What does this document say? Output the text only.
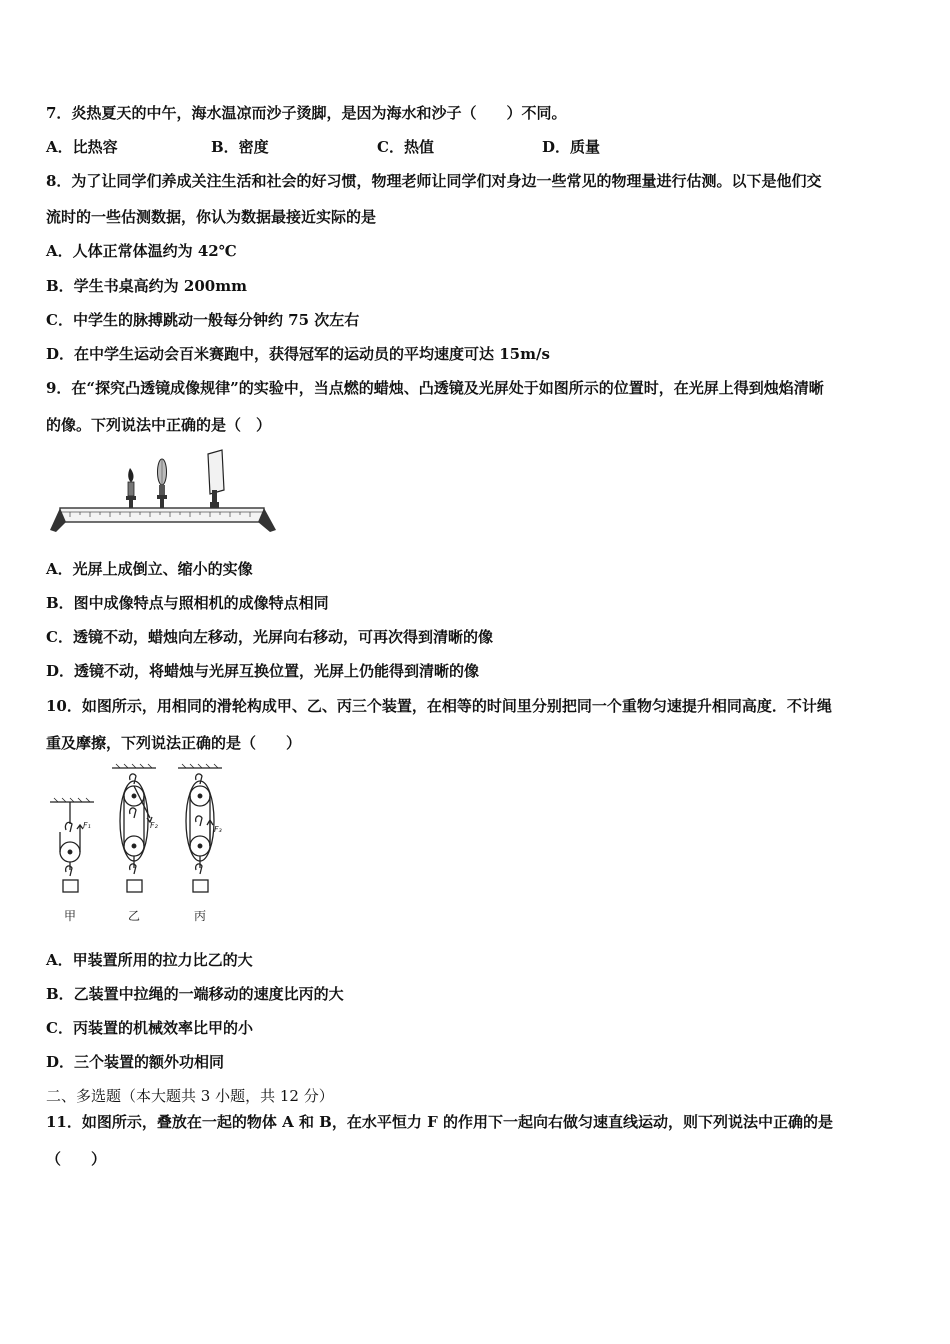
7．炎热夏天的中午，海水温凉而沙子烫脚，是因为海水和沙子（　　）不同。
A．比热容	B．密度	C．热值	D．质量
8．为了让同学们养成关注生活和社会的好习惯，物理老师让同学们对身边一些常见的物理量进行估测。以下是他们交
流时的一些估测数据，你认为数据最接近实际的是
A．人体正常体温约为 42℃
B．学生书桌高约为 200mm
C．中学生的脉搏跳动一般每分钟约 75 次左右
D．在中学生运动会百米赛跑中，获得冠军的运动员的平均速度可达 15m/s
9．在“探究凸透镜成像规律”的实验中，当点燃的蜡烛、凸透镜及光屏处于如图所示的位置时，在光屏上得到烛焰清晰
的像。下列说法中正确的是（　）
A．光屏上成倒立、缩小的实像
B．图中成像特点与照相机的成像特点相同
C．透镜不动，蜡烛向左移动，光屏向右移动，可再次得到清晰的像
D．透镜不动，将蜡烛与光屏互换位置，光屏上仍能得到清晰的像
10．如图所示，用相同的滑轮构成甲、乙、丙三个装置，在相等的时间里分别把同一个重物匀速提升相同高度．不计绳
重及摩擦，下列说法正确的是（　　）
F₁	F₂	F₃
甲	乙	丙
A．甲装置所用的拉力比乙的大
B．乙装置中拉绳的一端移动的速度比丙的大
C．丙装置的机械效率比甲的小
D．三个装置的额外功相同
二、多选题（本大题共 3 小题，共 12 分）
11．如图所示，叠放在一起的物体 A 和 B，在水平恒力 F 的作用下一起向右做匀速直线运动，则下列说法中正确的是
（　　）
